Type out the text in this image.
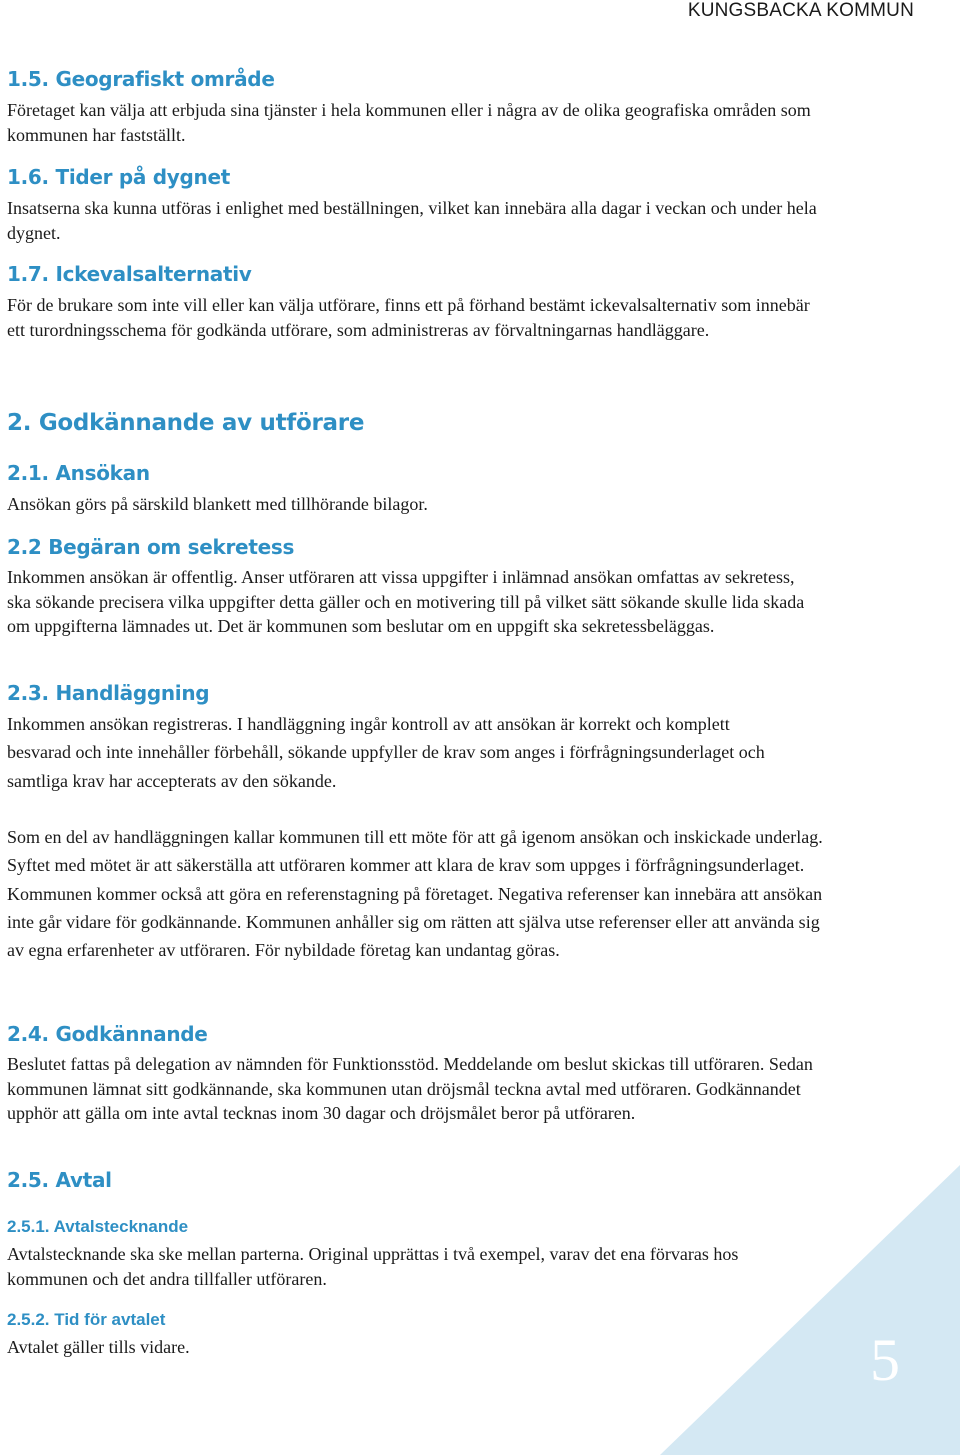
KUNGSBACKA KOMMUN
1.5. Geografiskt område

Företaget kan välja att erbjuda sina tjänster i hela kommunen eller i några av de olika geografiska områden som kommunen har fastställt.

1.6. Tider på dygnet

Insatserna ska kunna utföras i enlighet med beställningen, vilket kan innebära alla dagar i veckan och under hela dygnet.

1.7. Ickevalsalternativ

För de brukare som inte vill eller kan välja utförare, finns ett på förhand bestämt ickevalsalternativ som innebär ett turordningsschema för godkända utförare, som administreras av förvaltningarnas handläggare.

2. Godkännande av utförare
2.1. Ansökan

Ansökan görs på särskild blankett med tillhörande bilagor.

2.2 Begäran om sekretess

Inkommen ansökan är offentlig. Anser utföraren att vissa uppgifter i inlämnad ansökan omfattas av sekretess, ska sökande precisera vilka uppgifter detta gäller och en motivering till på vilket sätt sökande skulle lida skada om uppgifterna lämnades ut. Det är kommunen som beslutar om en uppgift ska sekretessbeläggas.

2.3. Handläggning

Inkommen ansökan registreras. I handläggning ingår kontroll av att ansökan är korrekt och komplett besvarad och inte innehåller förbehåll, sökande uppfyller de krav som anges i förfrågningsunderlaget och samtliga krav har accepterats av den sökande.

Som en del av handläggningen kallar kommunen till ett möte för att gå igenom ansökan och inskickade underlag. Syftet med mötet är att säkerställa att utföraren kommer att klara de krav som uppges i förfrågningsunderlaget. Kommunen kommer också att göra en referenstagning på företaget. Negativa referenser kan innebära att ansökan inte går vidare för godkännande. Kommunen anhåller sig om rätten att själva utse referenser eller att använda sig av egna erfarenheter av utföraren. För nybildade företag kan undantag göras.

2.4. Godkännande

Beslutet fattas på delegation av nämnden för Funktionsstöd. Meddelande om beslut skickas till utföraren. Sedan kommunen lämnat sitt godkännande, ska kommunen utan dröjsmål teckna avtal med utföraren. Godkännandet upphör att gälla om inte avtal tecknas inom 30 dagar och dröjsmålet beror på utföraren.

2.5. Avtal
2.5.1. Avtalstecknande

Avtalstecknande ska ske mellan parterna. Original upprättas i två exempel, varav det ena förvaras hos kommunen och det andra tillfaller utföraren.

2.5.2. Tid för avtalet

Avtalet gäller tills vidare.	5
